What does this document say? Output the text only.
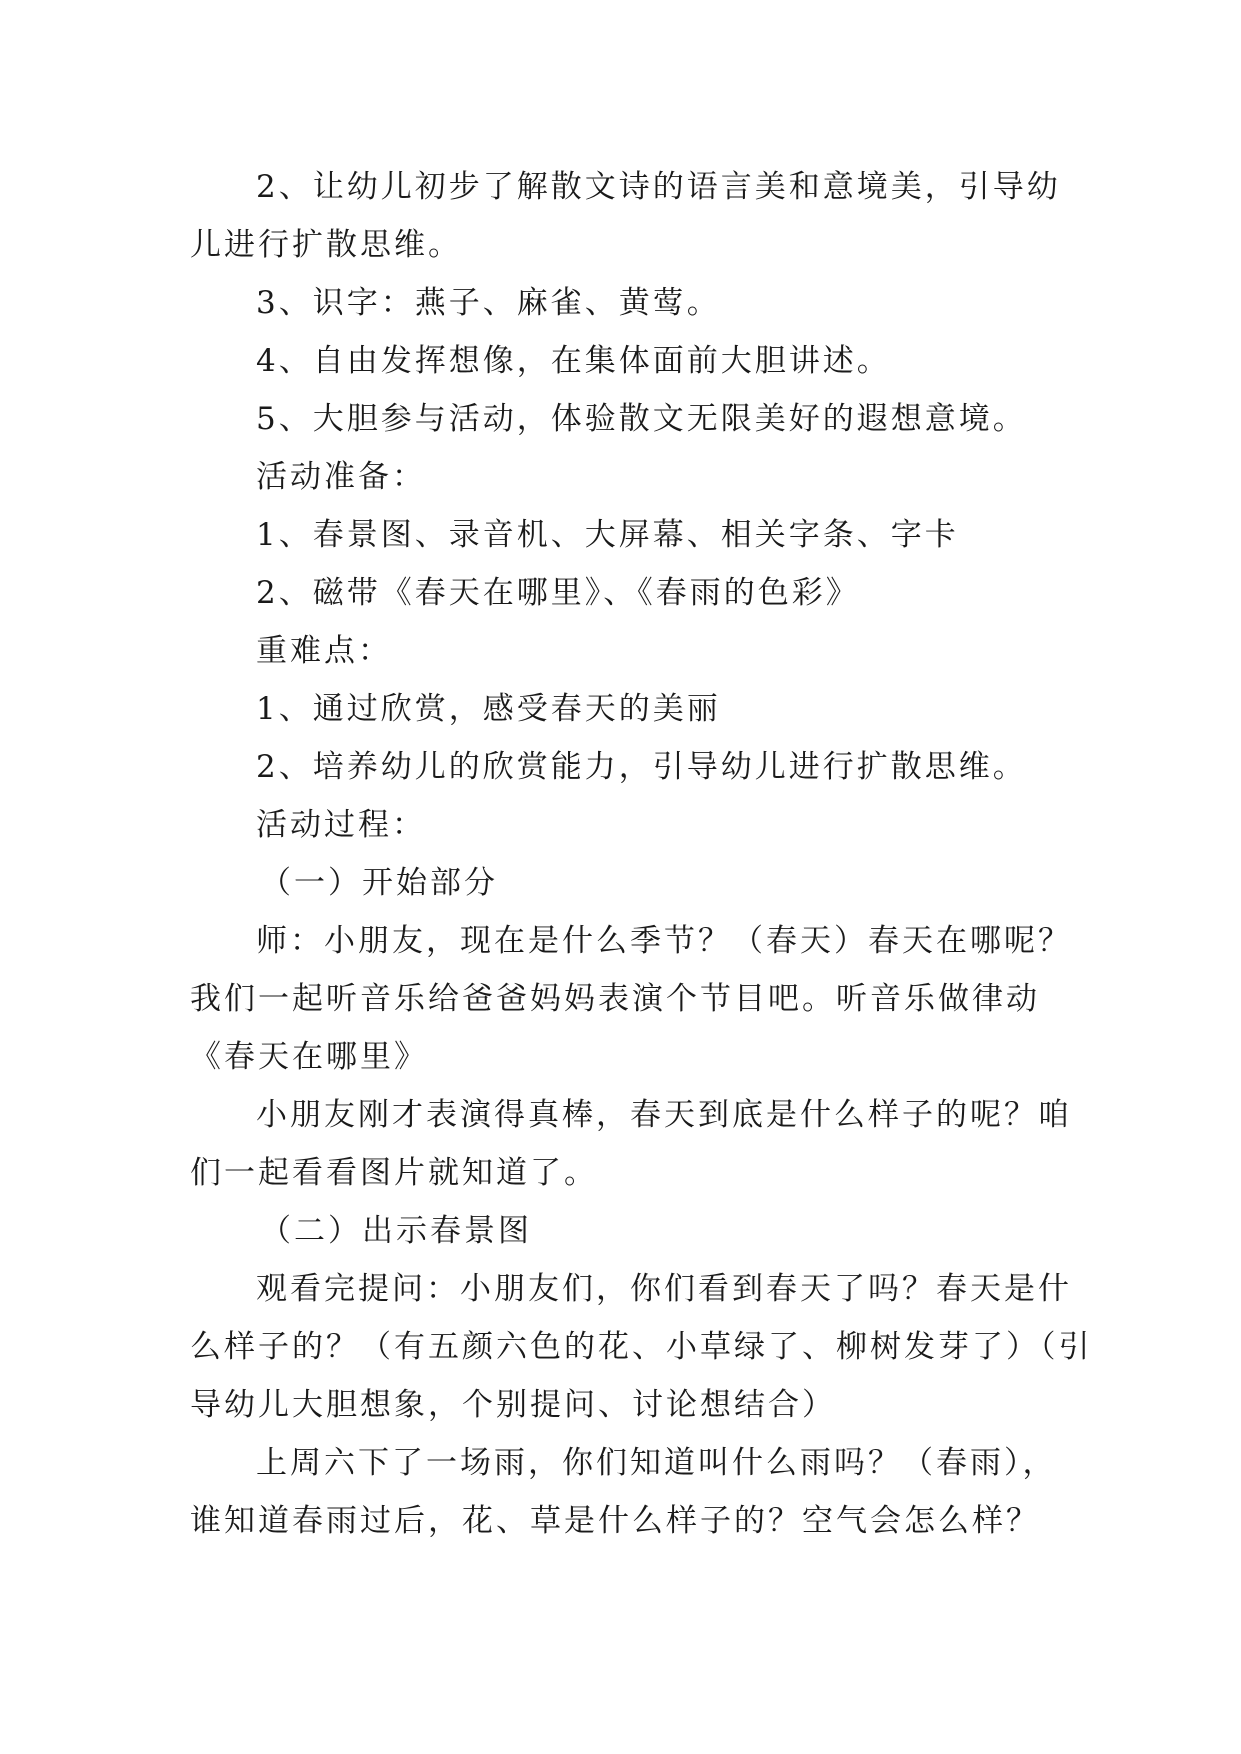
2、让幼儿初步了解散文诗的语言美和意境美，引导幼

儿进行扩散思维。

3、识字：燕子、麻雀、黄莺。

4、自由发挥想像，在集体面前大胆讲述。

5、大胆参与活动，体验散文无限美好的遐想意境。

活动准备：

1、春景图、录音机、大屏幕、相关字条、字卡

2、磁带《春天在哪里》、《春雨的色彩》

重难点：

1、通过欣赏，感受春天的美丽

2、培养幼儿的欣赏能力，引导幼儿进行扩散思维。

活动过程：

（一）开始部分

师：小朋友，现在是什么季节？（春天）春天在哪呢？

我们一起听音乐给爸爸妈妈表演个节目吧。听音乐做律动

《春天在哪里》

小朋友刚才表演得真棒，春天到底是什么样子的呢？咱

们一起看看图片就知道了。

（二）出示春景图

观看完提问：小朋友们，你们看到春天了吗？春天是什

么样子的？（有五颜六色的花、小草绿了、柳树发芽了）（引

导幼儿大胆想象，个别提问、讨论想结合）

上周六下了一场雨，你们知道叫什么雨吗？（春雨），

谁知道春雨过后，花、草是什么样子的？空气会怎么样？
